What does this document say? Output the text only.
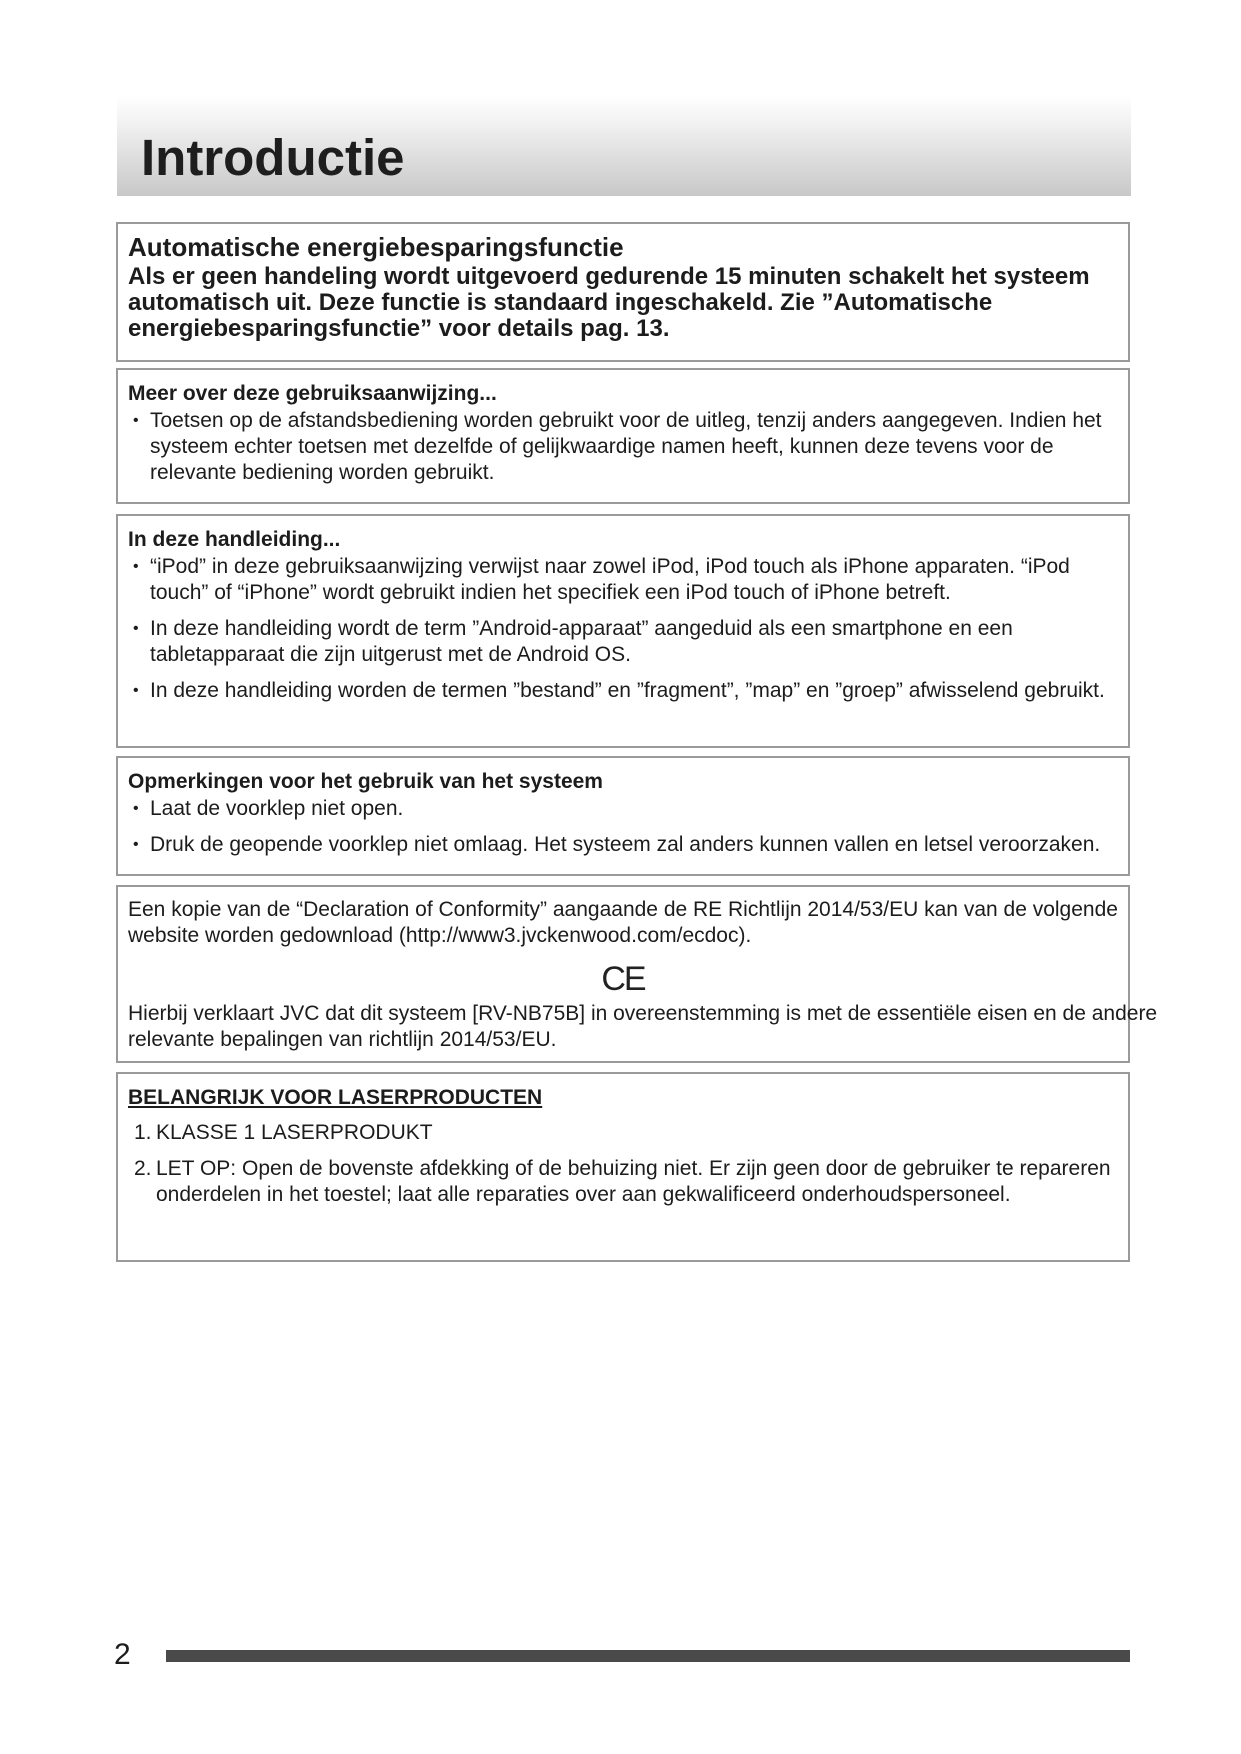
Introductie
Automatische energiebesparingsfunctie

Als er geen handeling wordt uitgevoerd gedurende 15 minuten schakelt het systeem automatisch uit. Deze functie is standaard ingeschakeld. Zie ”Automatische energiebesparingsfunctie” voor details pag. 13.

Meer over deze gebruiksaanwijzing...
• Toetsen op de afstandsbediening worden gebruikt voor de uitleg, tenzij anders aangegeven. Indien het systeem echter toetsen met dezelfde of gelijkwaardige namen heeft, kunnen deze tevens voor de relevante bediening worden gebruikt.
In deze handleiding...
• “iPod” in deze gebruiksaanwijzing verwijst naar zowel iPod, iPod touch als iPhone apparaten. “iPod touch” of “iPhone” wordt gebruikt indien het specifiek een iPod touch of iPhone betreft.
• In deze handleiding wordt de term ”Android-apparaat” aangeduid als een smartphone en een tabletapparaat die zijn uitgerust met de Android OS.
• In deze handleiding worden de termen ”bestand” en ”fragment”, ”map” en ”groep” afwisselend gebruikt.
Opmerkingen voor het gebruik van het systeem
• Laat de voorklep niet open.
• Druk de geopende voorklep niet omlaag. Het systeem zal anders kunnen vallen en letsel veroorzaken.

Een kopie van de “Declaration of Conformity” aangaande de RE Richtlijn 2014/53/EU kan van de volgende website worden gedownload (http://www3.jvckenwood.com/ecdoc).

CE

Hierbij verklaart JVC dat dit systeem [RV-NB75B] in overeenstemming is met de essentiële eisen en de andere relevante bepalingen van richtlijn 2014/53/EU.

BELANGRIJK VOOR LASERPRODUCTEN
1. KLASSE 1 LASERPRODUKT
2. LET OP: Open de bovenste afdekking of de behuizing niet. Er zijn geen door de gebruiker te repareren onderdelen in het toestel; laat alle reparaties over aan gekwalificeerd onderhoudspersoneel.
2
